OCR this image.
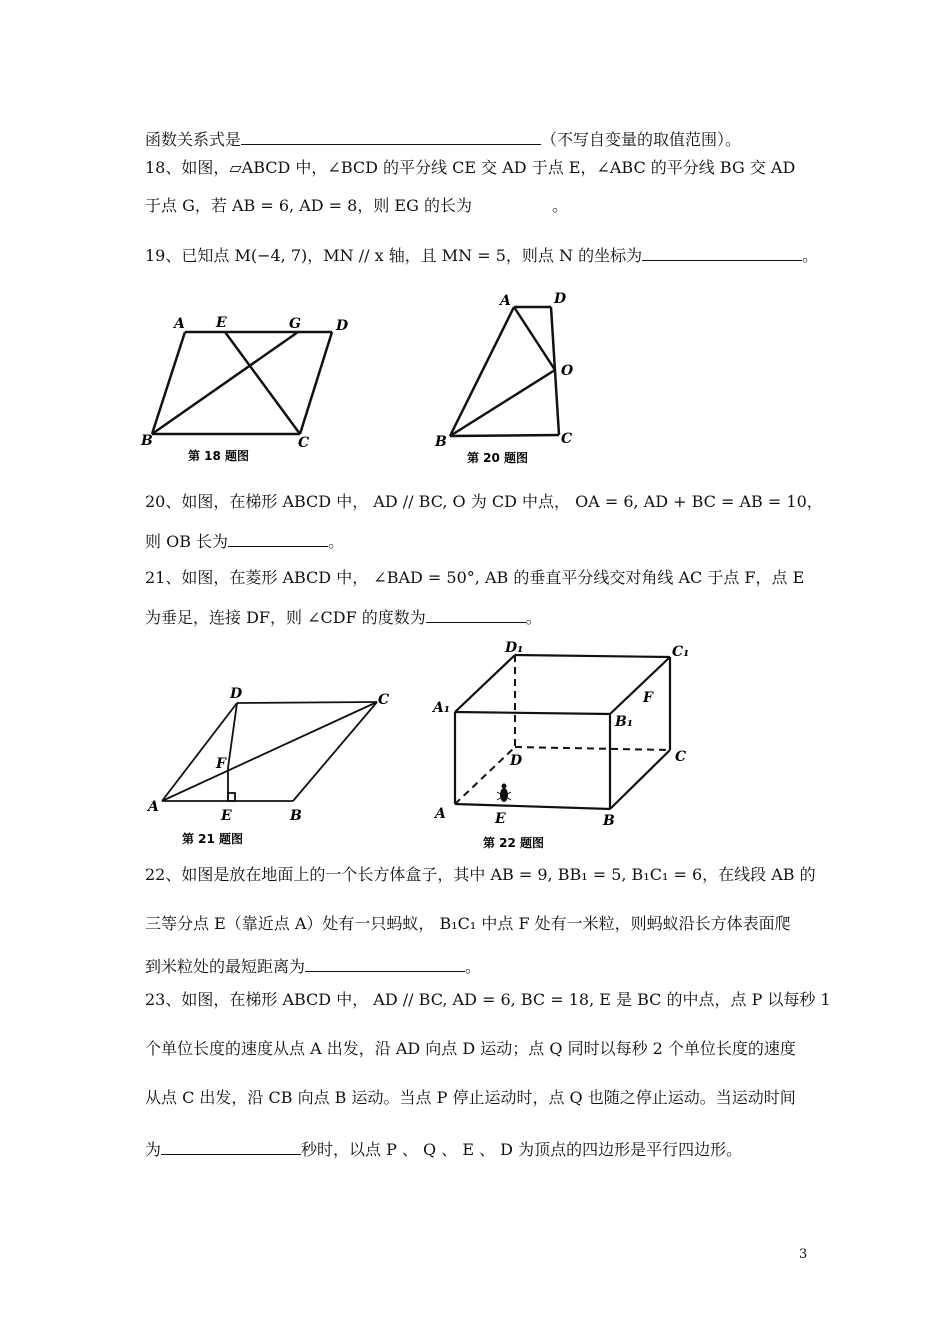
函数关系式是	（不写自变量的取值范围）。
18、如图，▱ABCD 中，∠BCD 的平分线 CE 交 AD 于点 E，∠ABC 的平分线 BG 交 AD
于点 G，若 AB = 6, AD = 8，则 EG 的长为	。
19、已知点 M(−4, 7)，MN // x 轴，且 MN = 5，则点 N 的坐标为	。
A E	G	D
B	C
第 18 题图
A	D
O
B	C
第 20 题图
20、如图，在梯形 ABCD 中， AD // BC, O 为 CD 中点， OA = 6, AD + BC = AB = 10，
则 OB 长为	。
21、如图，在菱形 ABCD 中， ∠BAD = 50°, AB 的垂直平分线交对角线 AC 于点 F，点 E
为垂足，连接 DF，则 ∠CDF 的度数为	。
D	C
F
A
E	B
第 21 题图
D₁	C₁
A₁
B₁
F
D	C
A	E	B
第 22 题图
22、如图是放在地面上的一个长方体盒子，其中 AB = 9, BB₁ = 5, B₁C₁ = 6，在线段 AB 的
三等分点 E（靠近点 A）处有一只蚂蚁， B₁C₁ 中点 F 处有一米粒，则蚂蚁沿长方体表面爬
到米粒处的最短距离为	。
23、如图，在梯形 ABCD 中， AD // BC, AD = 6, BC = 18, E 是 BC 的中点，点 P 以每秒 1
个单位长度的速度从点 A 出发，沿 AD 向点 D 运动；点 Q 同时以每秒 2 个单位长度的速度
从点 C 出发，沿 CB 向点 B 运动。当点 P 停止运动时，点 Q 也随之停止运动。当运动时间
为	秒时，以点 P 、 Q 、 E 、 D 为顶点的四边形是平行四边形。
3
